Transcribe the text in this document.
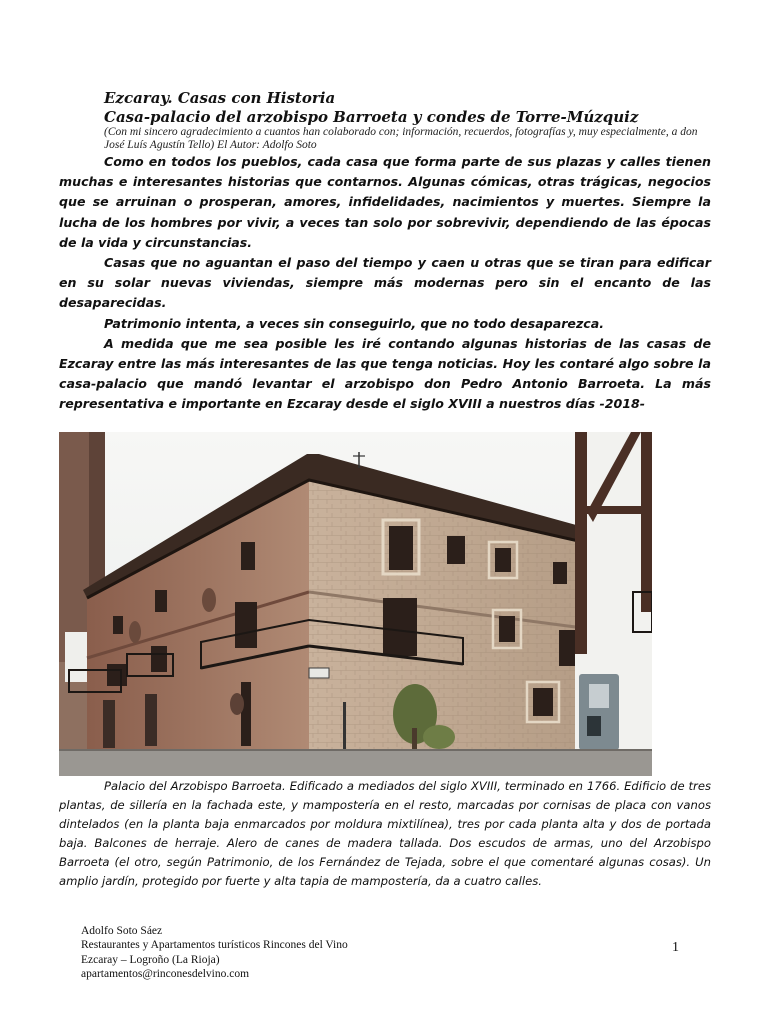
Ezcaray. Casas con Historia
Casa-palacio del arzobispo Barroeta y condes de Torre-Múzquiz
(Con mi sincero agradecimiento a cuantos han colaborado con; información, recuerdos, fotografías y, muy especialmente, a don José Luís Agustín Tello) El Autor: Adolfo Soto

Como en todos los pueblos, cada casa que forma parte de sus plazas y calles tienen muchas e interesantes historias que contarnos. Algunas cómicas, otras trágicas, negocios que se arruinan o prosperan, amores, infidelidades, nacimientos y muertes. Siempre la lucha de los hombres por vivir, a veces tan solo por sobrevivir, dependiendo de las épocas de la vida y circunstancias.

Casas que no aguantan el paso del tiempo y caen u otras que se tiran para edificar en su solar nuevas viviendas, siempre más modernas pero sin el encanto de las desaparecidas.

Patrimonio intenta, a veces sin conseguirlo, que no todo desaparezca.

A medida que me sea posible les iré contando algunas historias de las casas de Ezcaray entre las más interesantes de las que tenga noticias. Hoy les contaré algo sobre la casa-palacio que mandó levantar el arzobispo don Pedro Antonio Barroeta. La más representativa e importante en Ezcaray desde el siglo XVIII a nuestros días -2018-

Palacio del Arzobispo Barroeta. Edificado a mediados del siglo XVIII, terminado en 1766. Edificio de tres plantas, de sillería en la fachada este, y mampostería en el resto, marcadas por cornisas de placa con vanos dintelados (en la planta baja enmarcados por moldura mixtilínea), tres por cada planta alta y dos de portada baja. Balcones de herraje. Alero de canes de madera tallada. Dos escudos de armas, uno del Arzobispo Barroeta (el otro, según Patrimonio, de los Fernández de Tejada, sobre el que comentaré algunas cosas). Un amplio jardín, protegido por fuerte y alta tapia de mampostería, da a cuatro calles.

Adolfo Soto Sáez
Restaurantes y Apartamentos turísticos Rincones del Vino
Ezcaray – Logroño (La Rioja)
apartamentos@rinconesdelvino.com
1
